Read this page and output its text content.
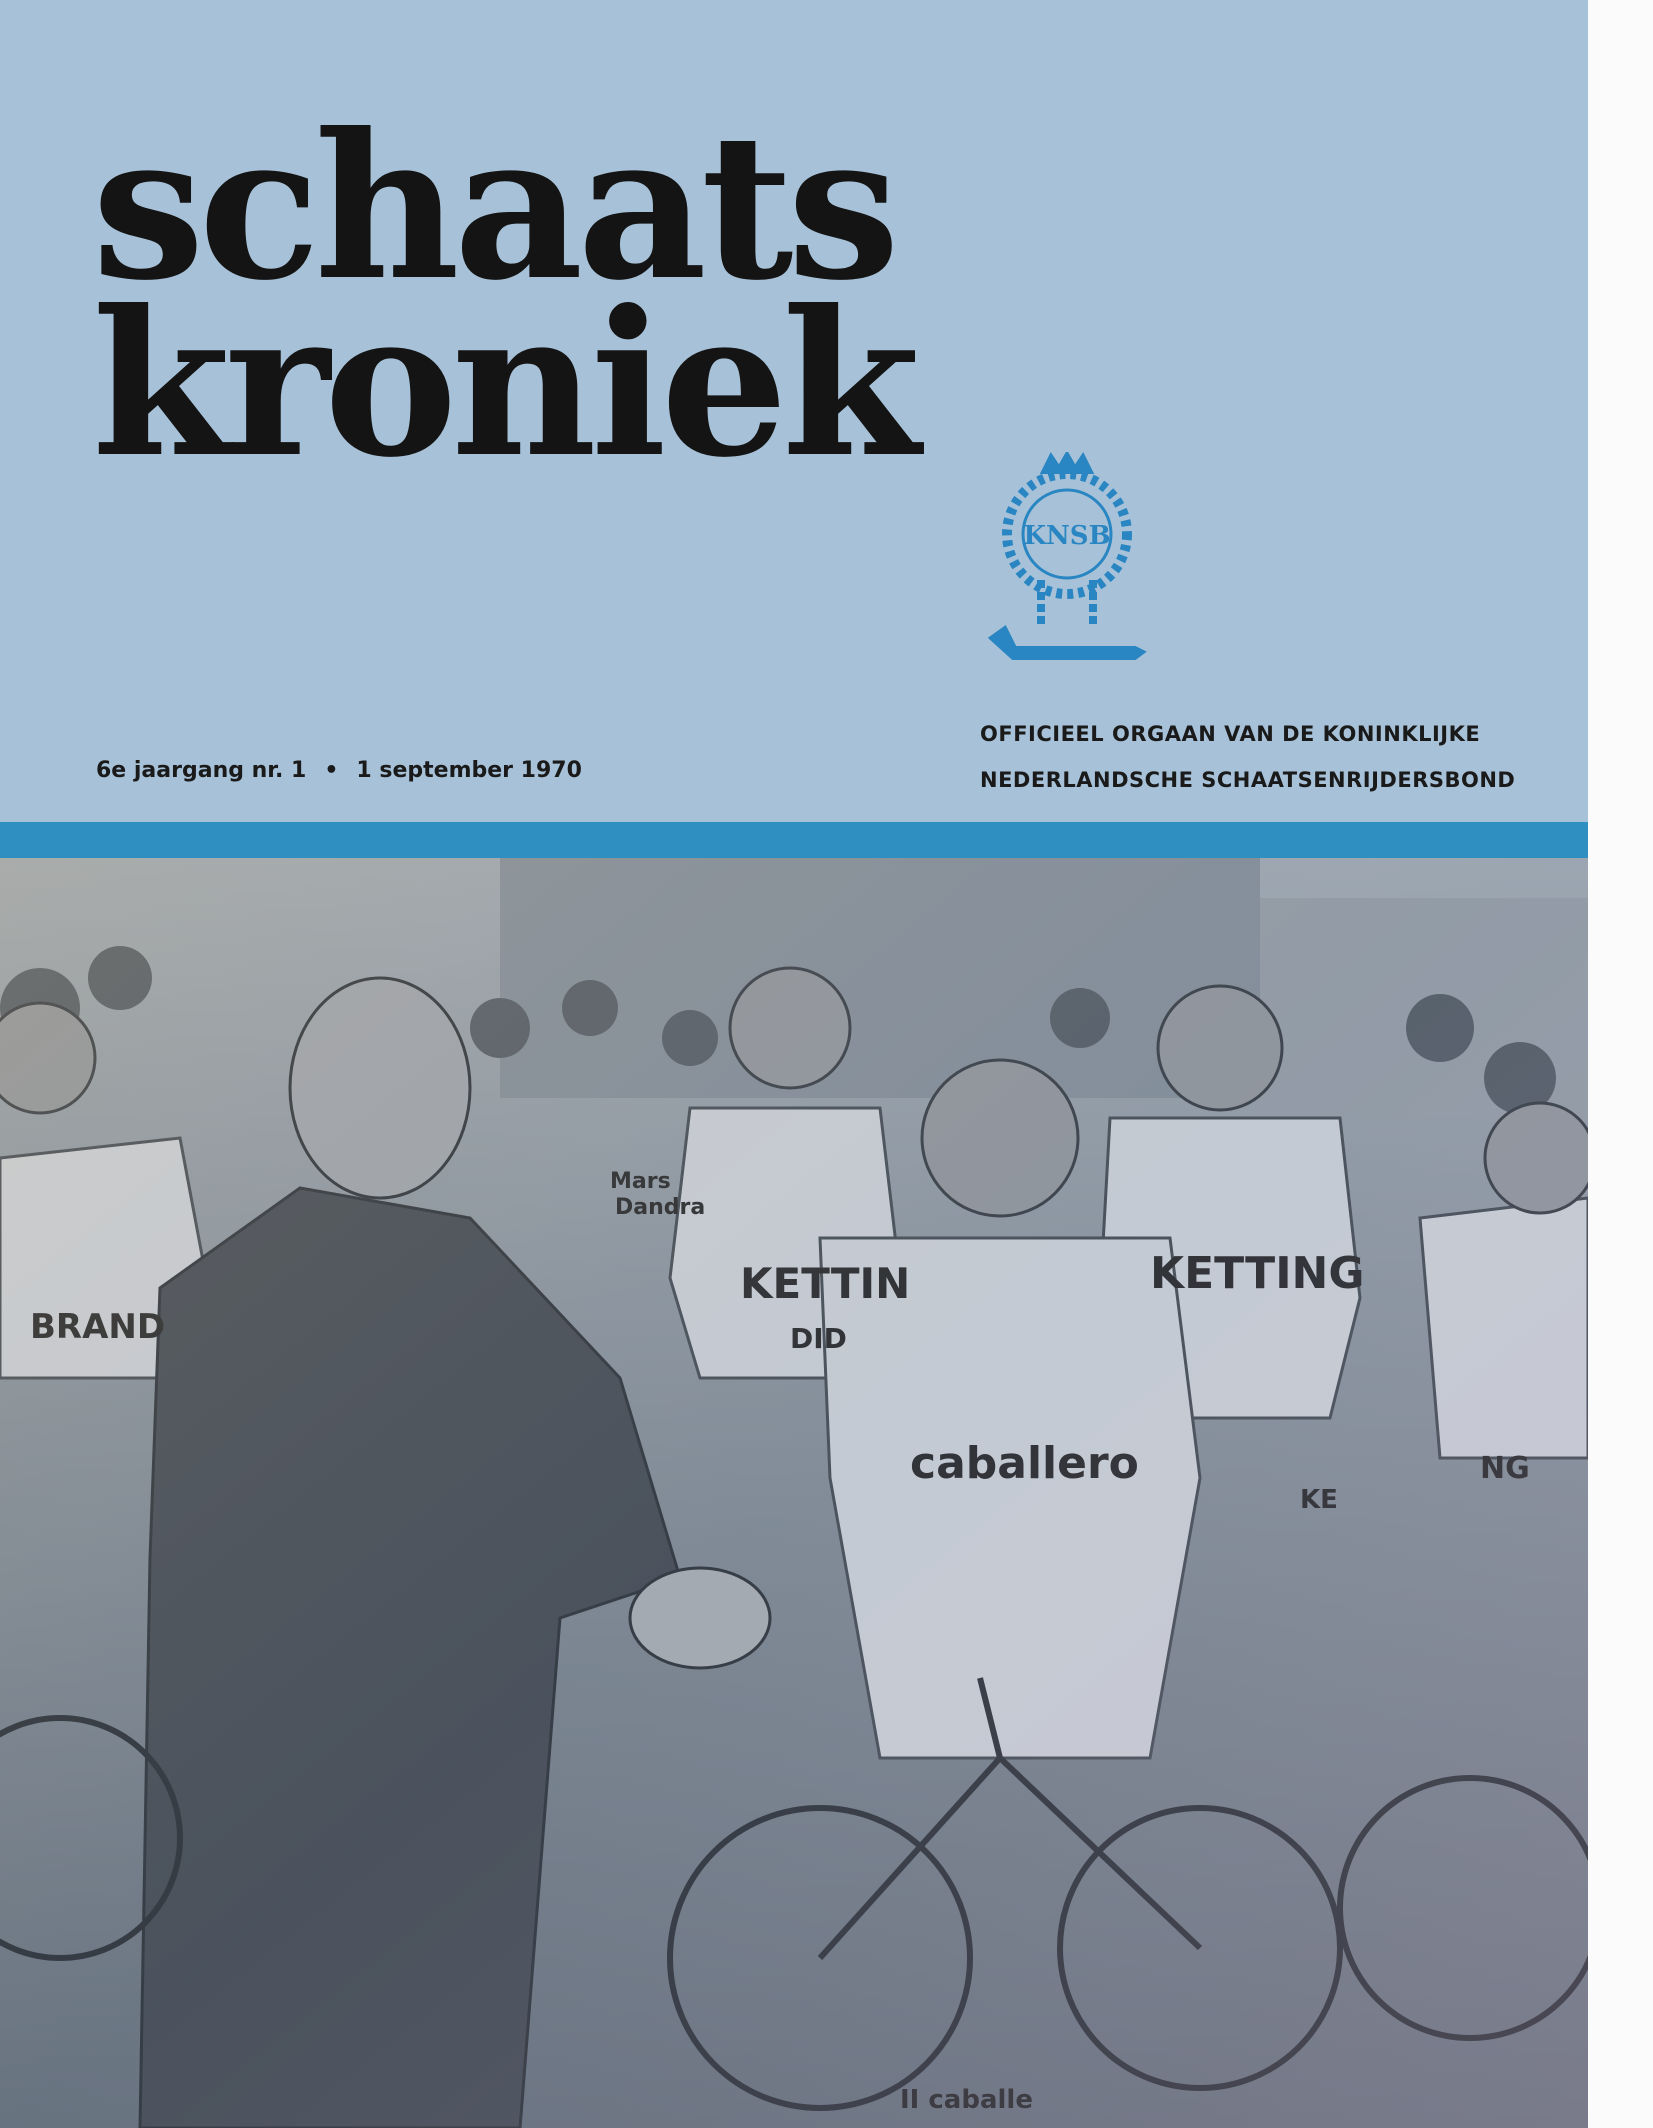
schaats
kroniek
KNSB
6e jaargang nr. 1 • 1 september 1970
OFFICIEEL ORGAAN VAN DE KONINKLIJKE
NEDERLANDSCHE SCHAATSENRIJDERSBOND
